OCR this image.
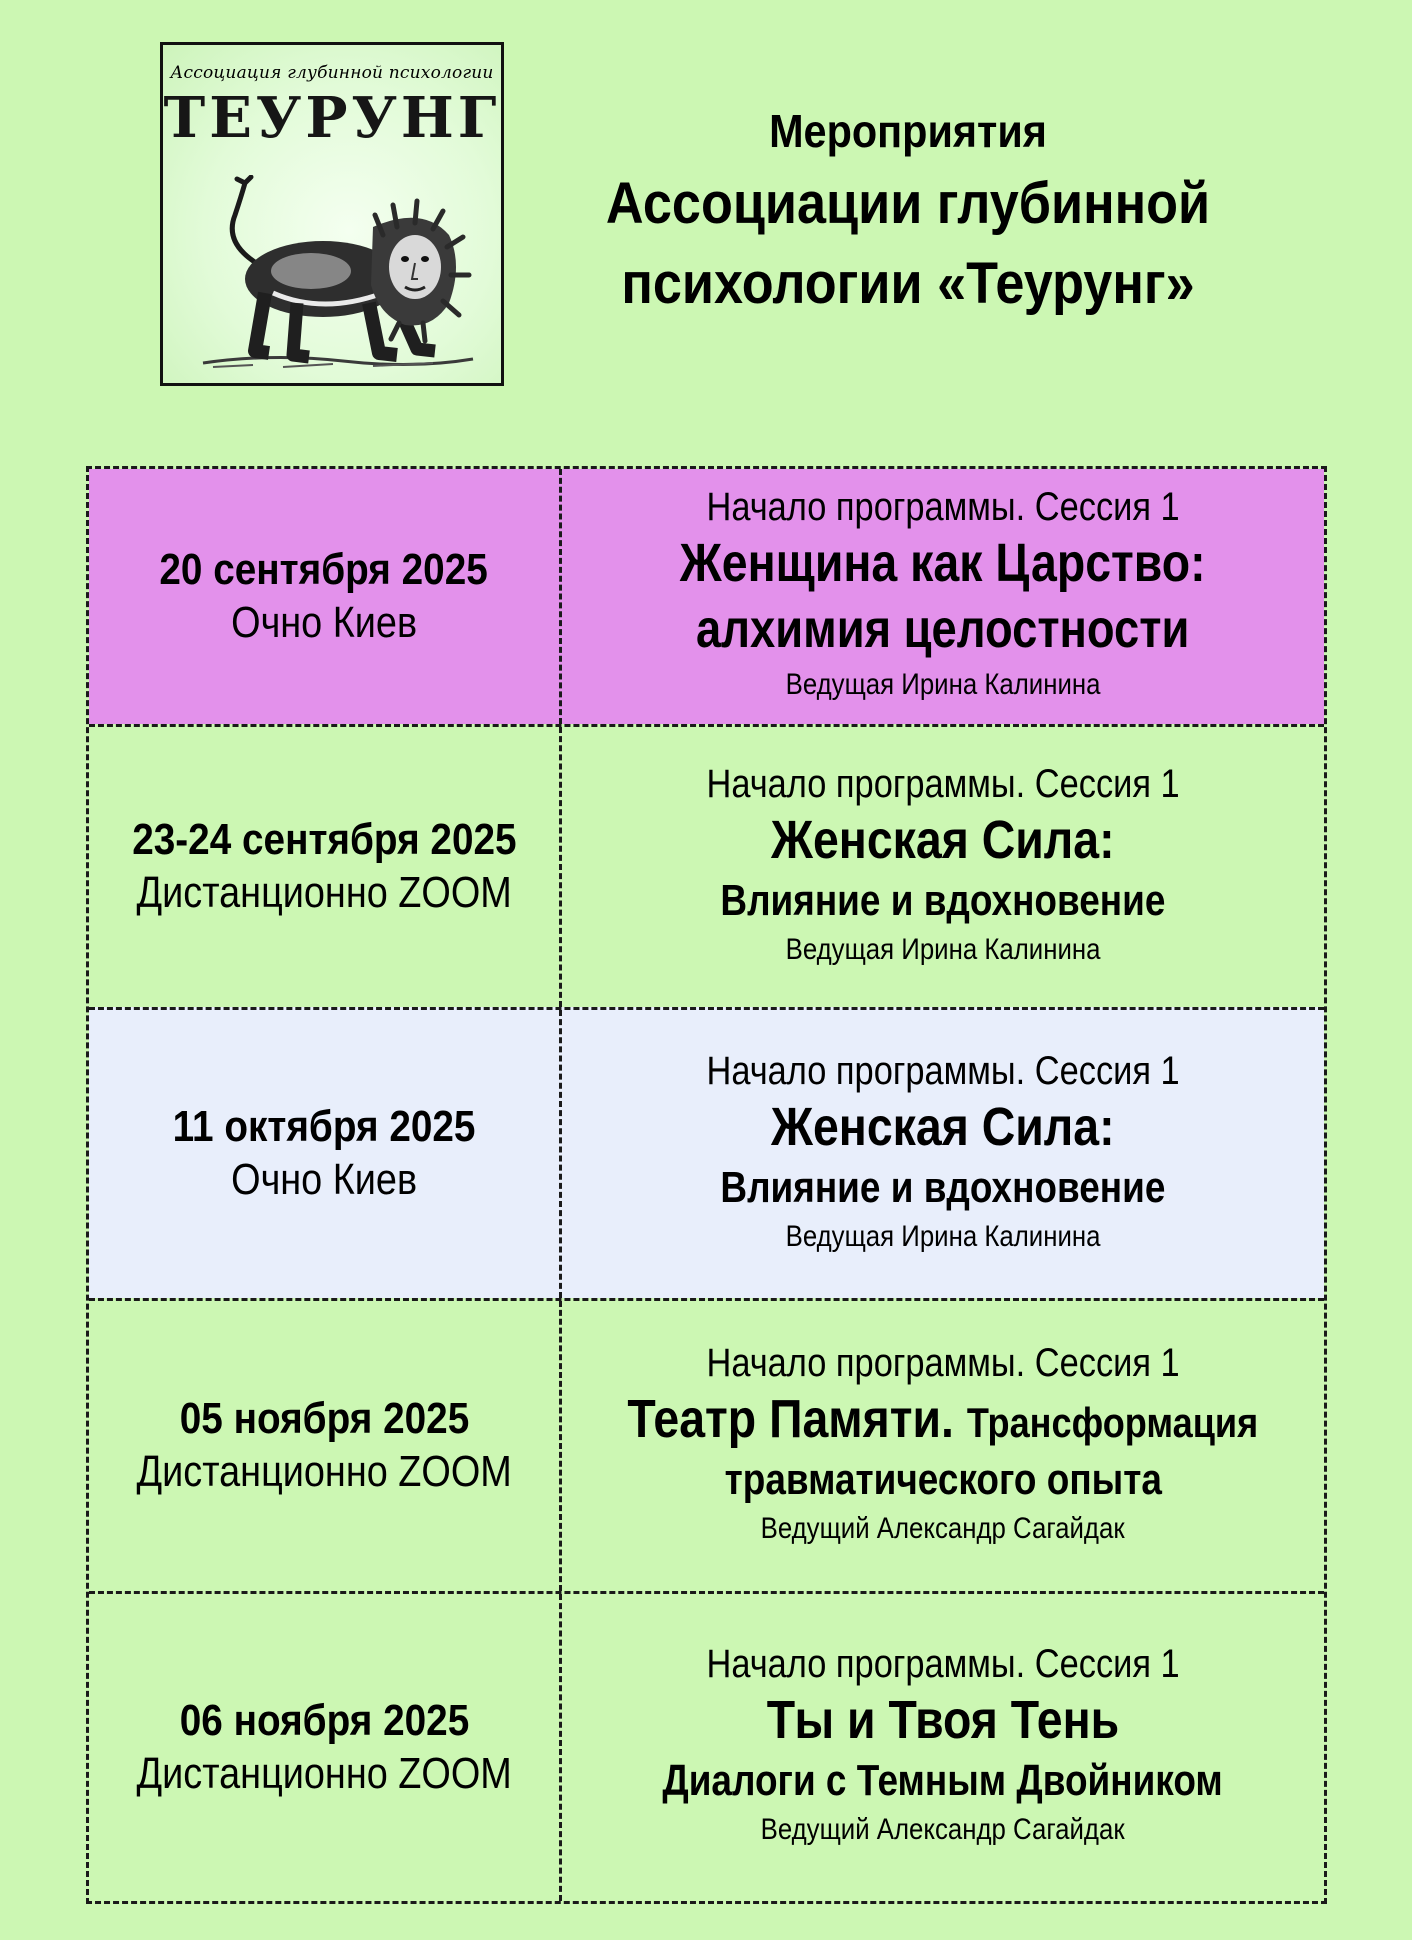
Ассоциация глубинной психологии
ТЕУРУНГ	Мероприятия
Ассоциации глубинной
психологии «Теурунг»
20 сентября 2025
Очно Киев
Начало программы. Сессия 1
Женщина как Царство:
алхимия целостности
Ведущая Ирина Калинина
23-24 сентября 2025
Дистанционно ZOOM
Начало программы. Сессия 1
Женская Сила:
Влияние и вдохновение
Ведущая Ирина Калинина
11 октября 2025
Очно Киев
Начало программы. Сессия 1
Женская Сила:
Влияние и вдохновение
Ведущая Ирина Калинина
05 ноября 2025
Дистанционно ZOOM
Начало программы. Сессия 1
Театр Памяти. Трансформация
травматического опыта
Ведущий Александр Сагайдак
06 ноября 2025
Дистанционно ZOOM
Начало программы. Сессия 1
Ты и Твоя Тень
Диалоги с Темным Двойником
Ведущий Александр Сагайдак
